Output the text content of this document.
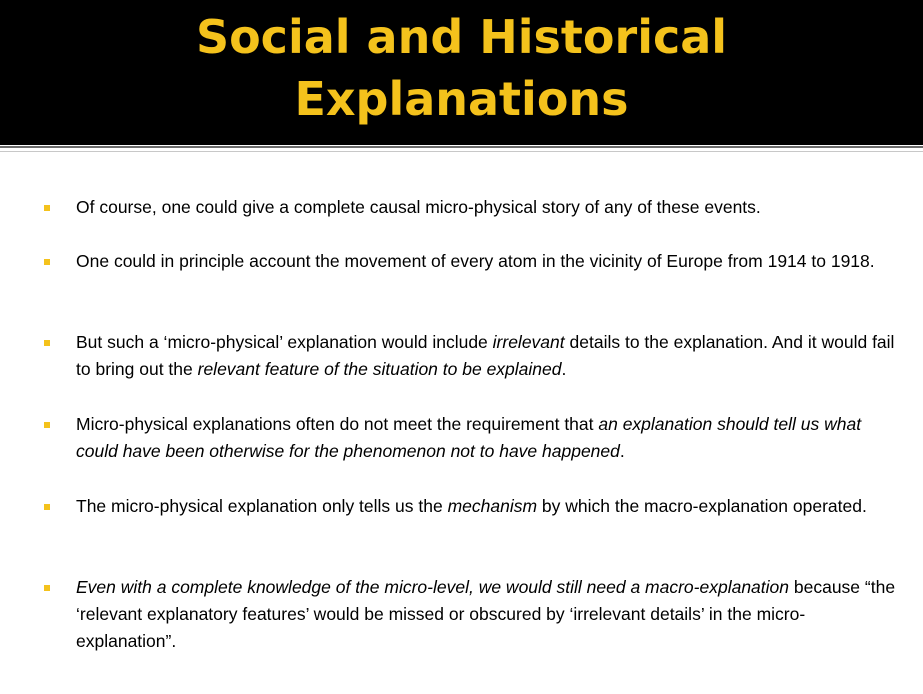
Social and Historical
Explanations
Of course, one could give a complete causal micro-physical story of any of these events.
One could in principle account the movement of every atom in the vicinity of Europe from 1914 to 1918.
But such a ‘micro-physical’ explanation would include irrelevant details to the explanation. And it would fail to bring out the relevant feature of the situation to be explained.
Micro-physical explanations often do not meet the requirement that an explanation should tell us what could have been otherwise for the phenomenon not to have happened.
The micro-physical explanation only tells us the mechanism by which the macro-explanation operated.
Even with a complete knowledge of the micro-level, we would still need a macro-explanation because “the ‘relevant explanatory features’ would be missed or obscured by ‘irrelevant details’ in the micro-explanation”.
